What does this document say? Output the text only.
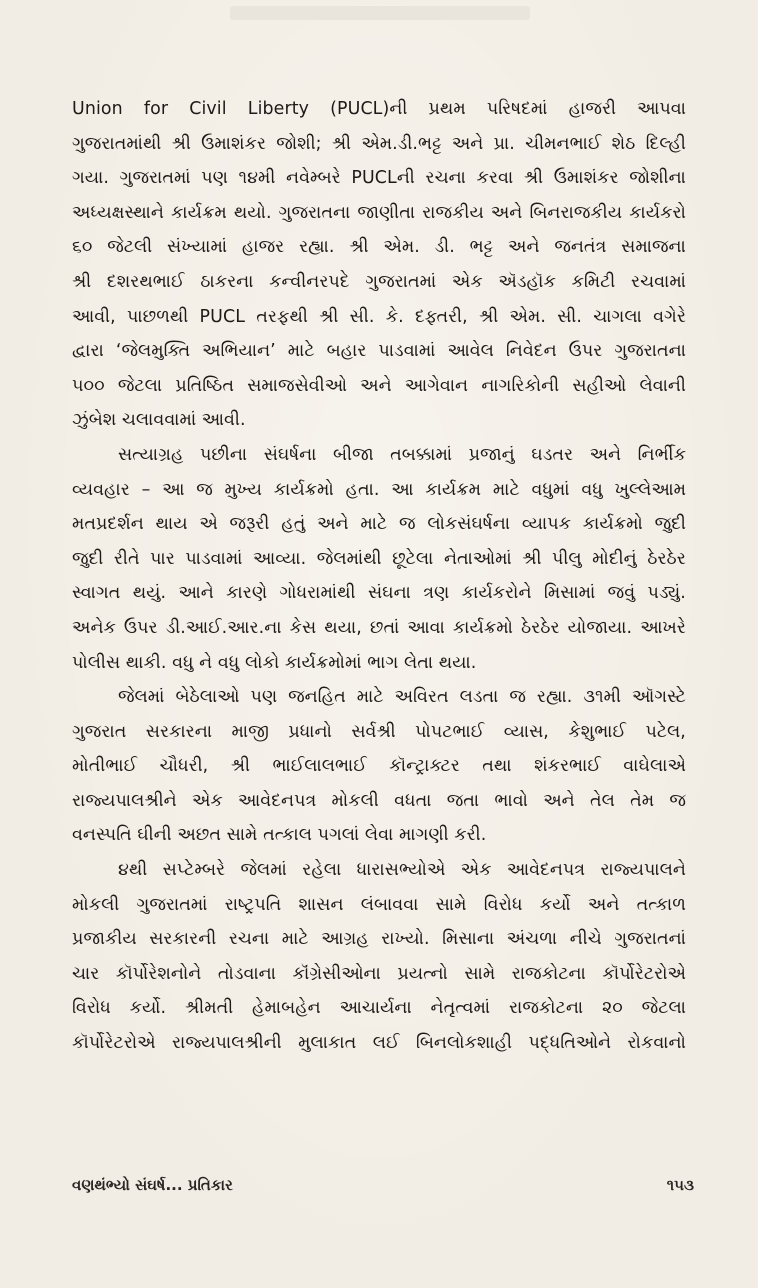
Union for Civil Liberty (PUCL)ની પ્રથમ પરિષદમાં હાજરી આપવા
ગુજરાતમાંથી શ્રી ઉમાશંકર જોશી; શ્રી એમ.ડી.ભટ્ટ અને પ્રા. ચીમનભાઈ શેઠ દિલ્હી
ગયા. ગુજરાતમાં પણ ૧૪મી નવેમ્બરે PUCLની રચના કરવા શ્રી ઉમાશંકર જોશીના
અધ્યક્ષસ્થાને કાર્યક્રમ થયો. ગુજરાતના જાણીતા રાજકીય અને બિનરાજકીય કાર્યકરો
૬૦ જેટલી સંખ્યામાં હાજર રહ્યા. શ્રી એમ. ડી. ભટ્ટ અને જનતંત્ર સમાજના
શ્રી દશરથભાઈ ઠાકરના કન્વીનરપદે ગુજરાતમાં એક ઍડહૉક કમિટી રચવામાં
આવી, પાછળથી PUCL તરફથી શ્રી સી. કે. દફ્તરી, શ્રી એમ. સી. ચાગલા વગેરે
દ્વારા ‘જેલમુક્તિ અભિયાન’ માટે બહાર પાડવામાં આવેલ નિવેદન ઉપર ગુજરાતના
૫૦૦ જેટલા પ્રતિષ્ઠિત સમાજસેવીઓ અને આગેવાન નાગરિકોની સહીઓ લેવાની
ઝુંબેશ ચલાવવામાં આવી.
સત્યાગ્રહ પછીના સંઘર્ષના બીજા તબક્કામાં પ્રજાનું ઘડતર અને નિર્ભીક
વ્યવહાર – આ જ મુખ્ય કાર્યક્રમો હતા. આ કાર્યક્રમ માટે વધુમાં વધુ ખુલ્લેઆમ
મતપ્રદર્શન થાય એ જરૂરી હતું અને માટે જ લોકસંઘર્ષના વ્યાપક કાર્યક્રમો જુદી
જુદી રીતે પાર પાડવામાં આવ્યા. જેલમાંથી છૂટેલા નેતાઓમાં શ્રી પીલુ મોદીનું ઠેરઠેર
સ્વાગત થયું. આને કારણે ગોધરામાંથી સંઘના ત્રણ કાર્યકરોને મિસામાં જવું પડ્યું.
અનેક ઉપર ડી.આઈ.આર.ના કેસ થયા, છતાં આવા કાર્યક્રમો ઠેરઠેર યોજાયા. આખરે
પોલીસ થાકી. વધુ ને વધુ લોકો કાર્યક્રમોમાં ભાગ લેતા થયા.
જેલમાં બેઠેલાઓ પણ જનહિત માટે અવિરત લડતા જ રહ્યા. ૩૧મી ઑગસ્ટે
ગુજરાત સરકારના માજી પ્રધાનો સર્વશ્રી પોપટભાઈ વ્યાસ, કેશુભાઈ પટેલ,
મોતીભાઈ ચૌધરી, શ્રી ભાઈલાલભાઈ કૉન્ટ્રાક્ટર તથા શંકરભાઈ વાઘેલાએ
રાજ્યપાલશ્રીને એક આવેદનપત્ર મોકલી વધતા જતા ભાવો અને તેલ તેમ જ
વનસ્પતિ ઘીની અછત સામે તત્કાલ પગલાં લેવા માગણી કરી.
૪થી સપ્ટેમ્બરે જેલમાં રહેલા ધારાસભ્યોએ એક આવેદનપત્ર રાજ્યપાલને
મોકલી ગુજરાતમાં રાષ્ટ્રપતિ શાસન લંબાવવા સામે વિરોધ કર્યો અને તત્કાળ
પ્રજાકીય સરકારની રચના માટે આગ્રહ રાખ્યો. મિસાના અંચળા નીચે ગુજરાતનાં
ચાર કૉર્પોરેશનોને તોડવાના કૉંગ્રેસીઓના પ્રયત્નો સામે રાજકોટના કૉર્પોરેટરોએ
વિરોધ કર્યો. શ્રીમતી હેમાબહેન આચાર્યના નેતૃત્વમાં રાજકોટના ૨૦ જેટલા
કૉર્પોરેટરોએ રાજ્યપાલશ્રીની મુલાકાત લઈ બિનલોકશાહી પદ્ધતિઓને રોકવાનો
વણથંભ્યો સંઘર્ષ... પ્રતિકાર	૧૫૩
